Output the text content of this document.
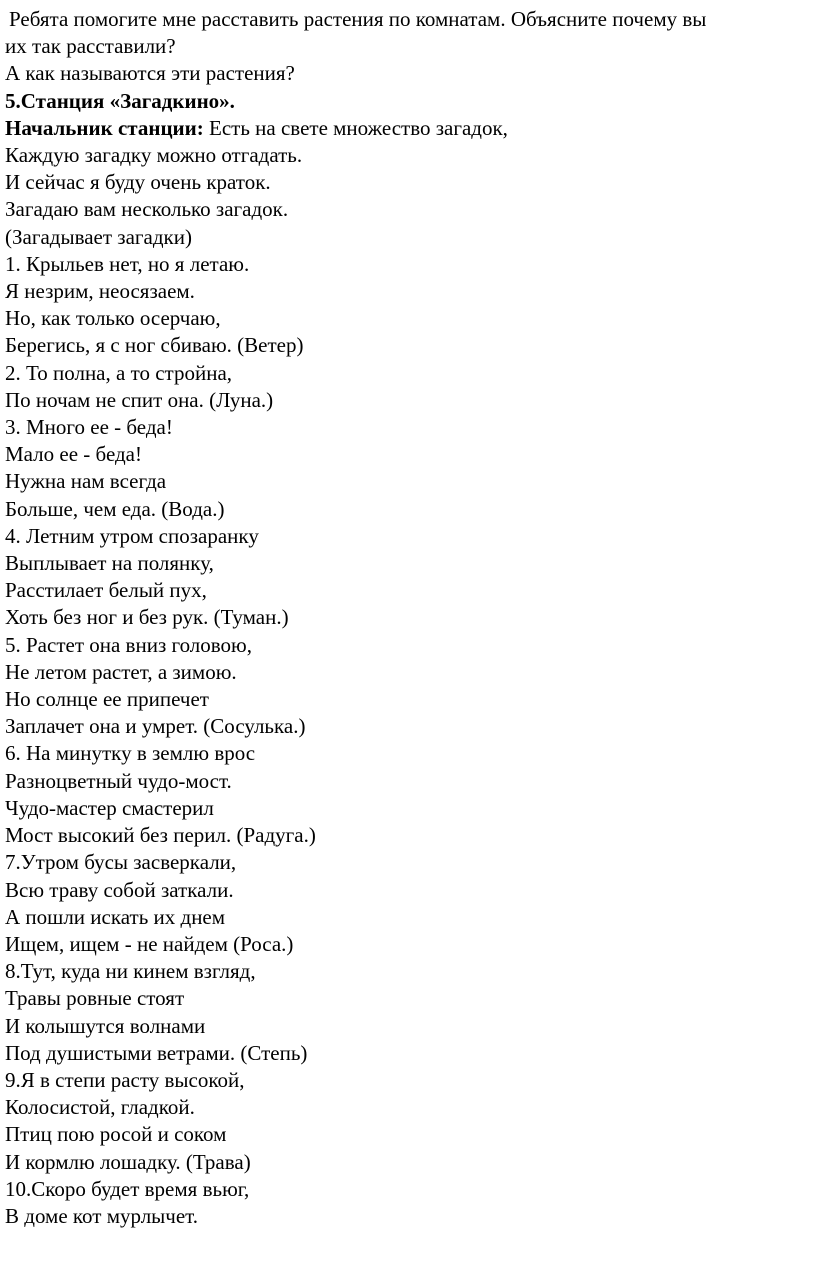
Ребята помогите мне расставить растения по комнатам. Объясните почему вы
их так расставили?
А как называются эти растения?
5.Станция «Загадкино».
Начальник станции: Есть на свете множество загадок,
Каждую загадку можно отгадать.
И сейчас я буду очень краток.
Загадаю вам несколько загадок.
(Загадывает загадки)
1. Крыльев нет, но я летаю.
Я незрим, неосязаем.
Но, как только осерчаю,
Берегись, я с ног сбиваю. (Ветер)
2. То полна, а то стройна,
По ночам не спит она. (Луна.)
3. Много ее - беда!
Мало ее - беда!
Нужна нам всегда
Больше, чем еда. (Вода.)
4. Летним утром спозаранку
Выплывает на полянку,
Расстилает белый пух,
Хоть без ног и без рук. (Туман.)
5. Растет она вниз головою,
Не летом растет, а зимою.
Но солнце ее припечет
Заплачет она и умрет. (Сосулька.)
6. На минутку в землю врос
Разноцветный чудо-мост.
Чудо-мастер смастерил
Мост высокий без перил. (Радуга.)
7.Утром бусы засверкали,
Всю траву собой заткали.
А пошли искать их днем
Ищем, ищем - не найдем (Роса.)
8.Тут, куда ни кинем взгляд,
Травы ровные стоят
И колышутся волнами
Под душистыми ветрами. (Степь)
9.Я в степи расту высокой,
Колосистой, гладкой.
Птиц пою росой и соком
И кормлю лошадку. (Трава)
10.Скоро будет время вьюг,
В доме кот мурлычет.
